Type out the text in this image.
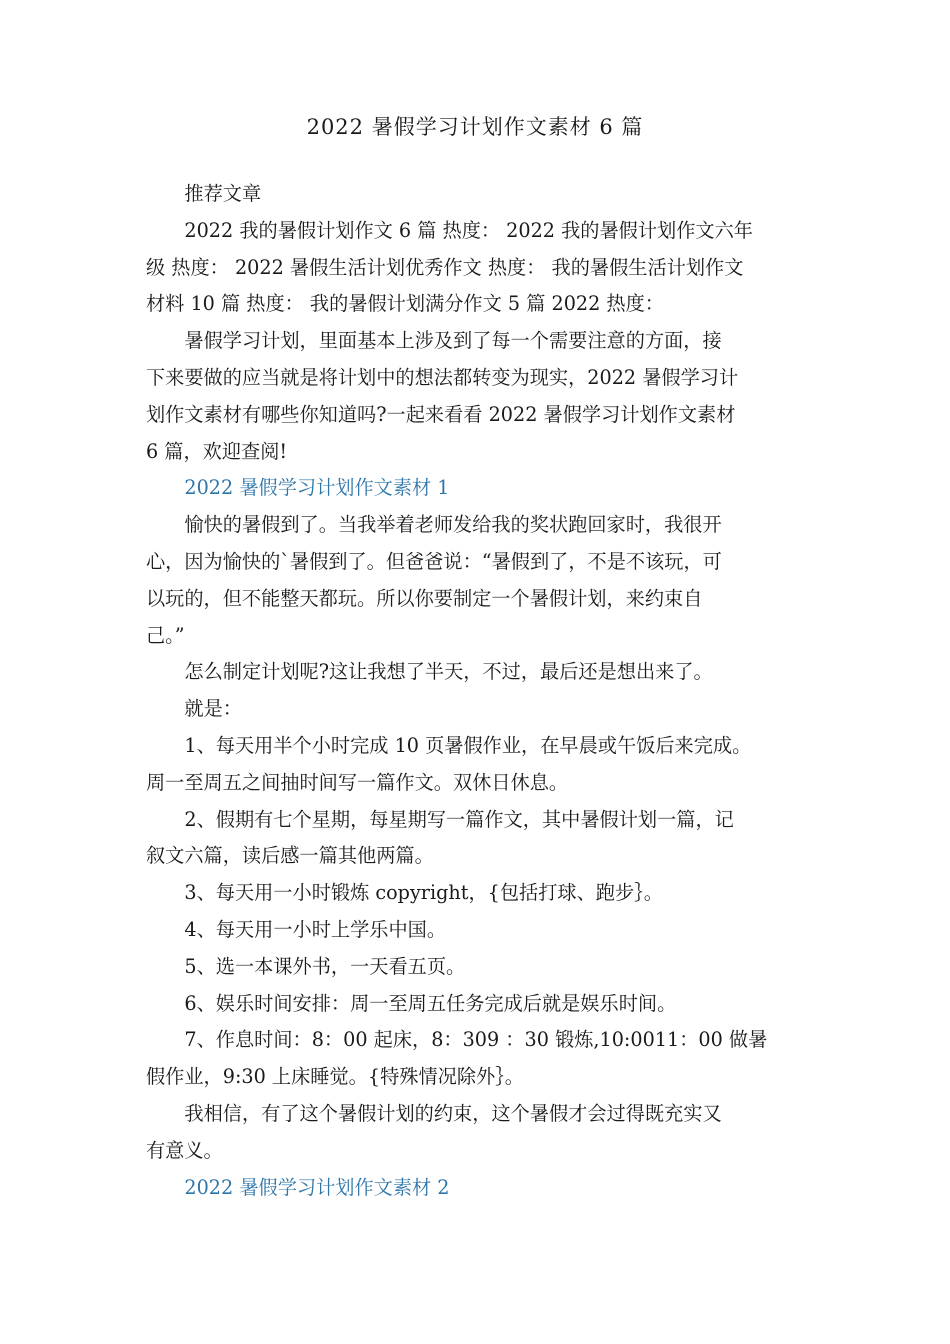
2022 暑假学习计划作文素材 6 篇

推荐文章

2022 我的暑假计划作文 6 篇 热度： 2022 我的暑假计划作文六年
级 热度： 2022 暑假生活计划优秀作文 热度： 我的暑假生活计划作文
材料 10 篇 热度： 我的暑假计划满分作文 5 篇 2022 热度：

暑假学习计划，里面基本上涉及到了每一个需要注意的方面，接
下来要做的应当就是将计划中的想法都转变为现实，2022 暑假学习计
划作文素材有哪些你知道吗?一起来看看 2022 暑假学习计划作文素材
6 篇，欢迎查阅!

2022 暑假学习计划作文素材 1

愉快的暑假到了。当我举着老师发给我的奖状跑回家时，我很开
心，因为愉快的`暑假到了。但爸爸说：“暑假到了，不是不该玩，可
以玩的，但不能整天都玩。所以你要制定一个暑假计划，来约束自
己。”

怎么制定计划呢?这让我想了半天，不过，最后还是想出来了。

就是：

1、每天用半个小时完成 10 页暑假作业，在早晨或午饭后来完成。
周一至周五之间抽时间写一篇作文。双休日休息。

2、假期有七个星期，每星期写一篇作文，其中暑假计划一篇，记
叙文六篇，读后感一篇其他两篇。

3、每天用一小时锻炼 copyright，{包括打球、跑步｝。

4、每天用一小时上学乐中国。

5、选一本课外书，一天看五页。

6、娱乐时间安排：周一至周五任务完成后就是娱乐时间。

7、作息时间：8：00 起床，8：309 ：30 锻炼,10:0011：00 做暑
假作业，9:30 上床睡觉。{特殊情况除外｝。

我相信，有了这个暑假计划的约束，这个暑假才会过得既充实又
有意义。

2022 暑假学习计划作文素材 2
